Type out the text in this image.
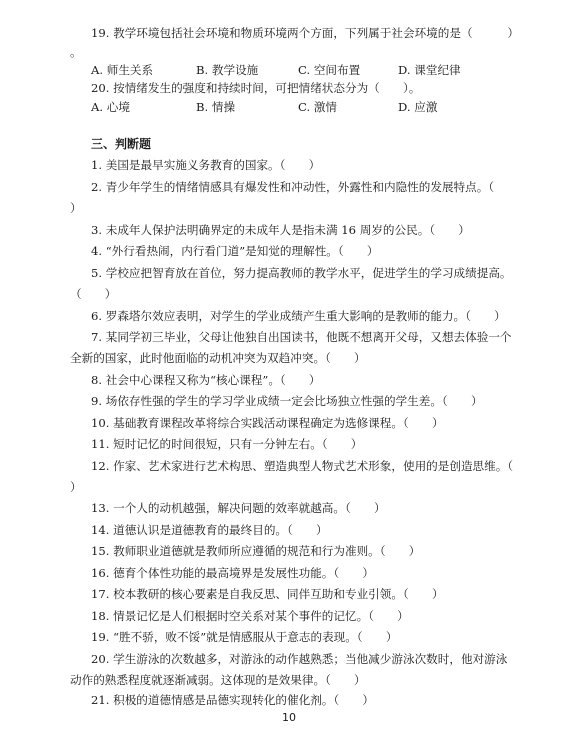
19. 教学环境包括社会环境和物质环境两个方面，下列属于社会环境的是（　　　）
。
A. 师生关系	B. 教学设施	C. 空间布置	D. 课堂纪律
20. 按情绪发生的强度和持续时间，可把情绪状态分为（　　）。
A. 心境	B. 情操	C. 激情	D. 应激
三、判断题
1. 美国是最早实施义务教育的国家。（　　）
2. 青少年学生的情绪情感具有爆发性和冲动性，外露性和内隐性的发展特点。（
）
3. 未成年人保护法明确界定的未成年人是指未满 16 周岁的公民。（　　）
4. “外行看热闹，内行看门道”是知觉的理解性。（　　）
5. 学校应把智育放在首位，努力提高教师的教学水平，促进学生的学习成绩提高。
（　　）
6. 罗森塔尔效应表明，对学生的学业成绩产生重大影响的是教师的能力。（　　）
7. 某同学初三毕业，父母让他独自出国读书，他既不想离开父母，又想去体验一个
全新的国家，此时他面临的动机冲突为双趋冲突。（　　）
8. 社会中心课程又称为“核心课程”。（　　）
9. 场依存性强的学生的学习学业成绩一定会比场独立性强的学生差。（　　）
10. 基础教育课程改革将综合实践活动课程确定为选修课程。（　　）
11. 短时记忆的时间很短，只有一分钟左右。（　　）
12. 作家、艺术家进行艺术构思、塑造典型人物式艺术形象，使用的是创造思维。（
）
13. 一个人的动机越强，解决问题的效率就越高。（　　）
14. 道德认识是道德教育的最终目的。（　　）
15. 教师职业道德就是教师所应遵循的规范和行为准则。（　　）
16. 德育个体性功能的最高境界是发展性功能。（　　）
17. 校本教研的核心要素是自我反思、同伴互助和专业引领。（　　）
18. 情景记忆是人们根据时空关系对某个事件的记忆。（　　）
19. “胜不骄，败不馁”就是情感服从于意志的表现。（　　）
20. 学生游泳的次数越多，对游泳的动作越熟悉；当他减少游泳次数时，他对游泳
动作的熟悉程度就逐渐减弱。这体现的是效果律。（　　）
21. 积极的道德情感是品德实现转化的催化剂。（　　）
10
